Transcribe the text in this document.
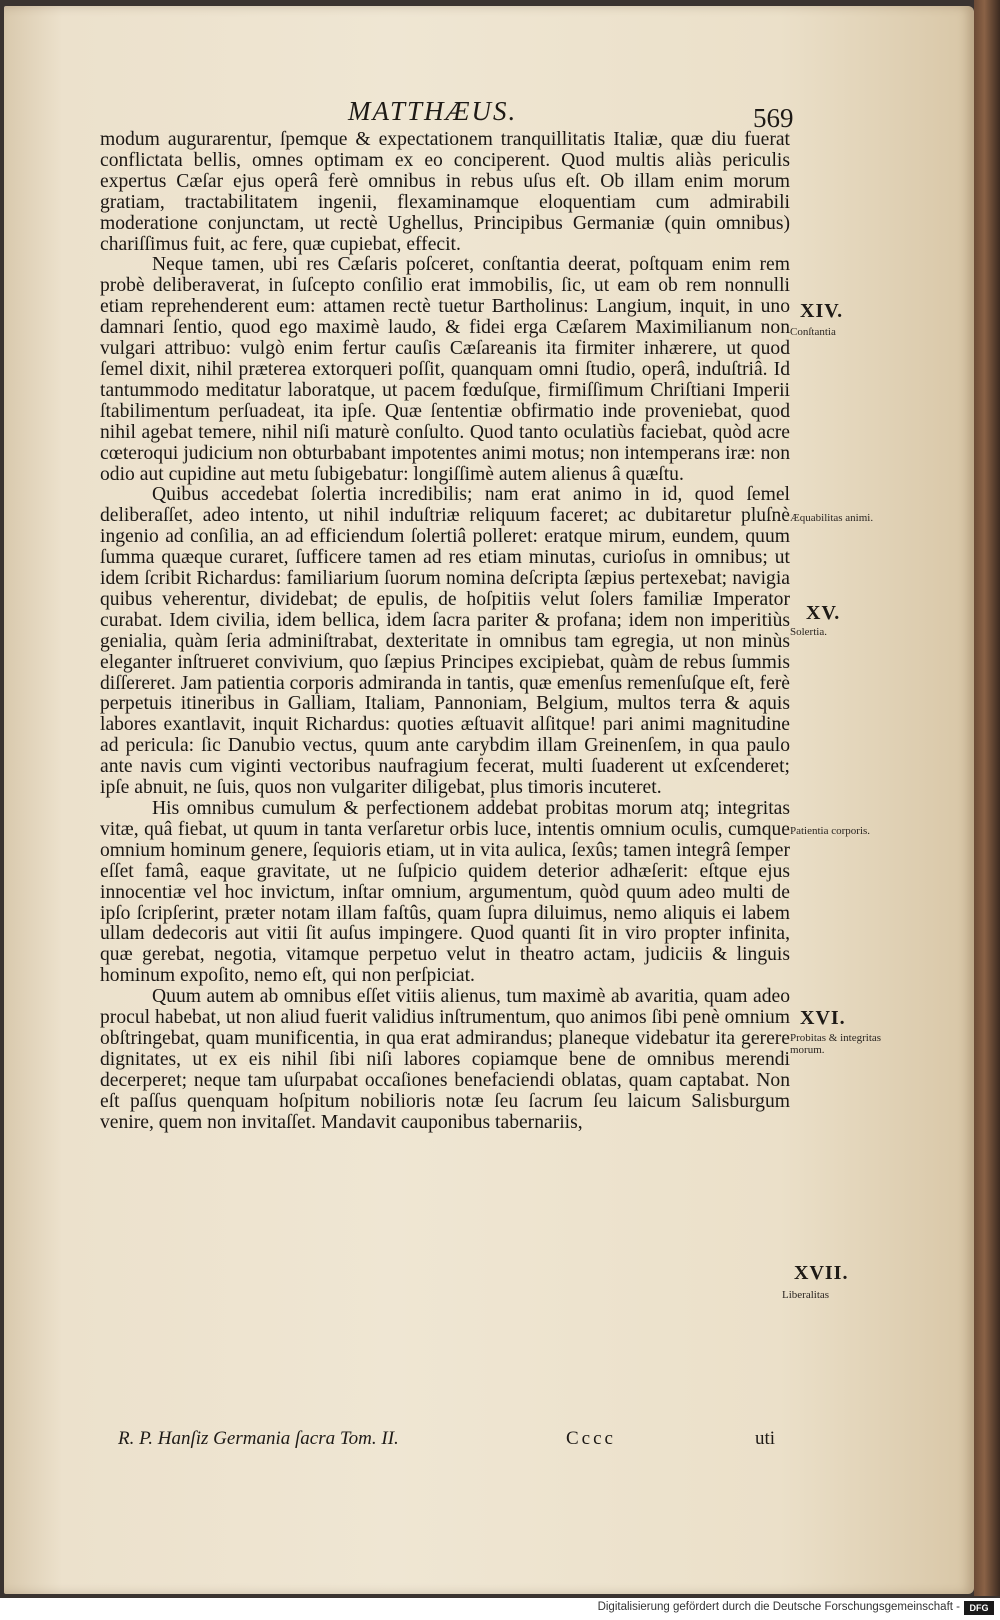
MATTHÆUS.	569

modum augurarentur, ſpemque & expectationem tranquillitatis Italiæ, quæ diu fuerat conflictata bellis, omnes optimam ex eo conciperent. Quod multis aliàs periculis expertus Cæſar ejus operâ ferè omnibus in rebus uſus eſt. Ob illam enim morum gratiam, tractabilitatem ingenii, flexaminamque eloquentiam cum admirabili moderatione conjunctam, ut rectè Ughellus, Principibus Germaniæ (quin omnibus) chariſſimus fuit, ac fere, quæ cupiebat, effecit.

Neque tamen, ubi res Cæſaris poſceret, conſtantia deerat, poſtquam enim rem probè deliberaverat, in ſuſcepto conſilio erat immobilis, ſic, ut eam ob rem nonnulli etiam reprehenderent eum: attamen rectè tuetur Bartholinus: Langium, inquit, in uno damnari ſentio, quod ego maximè laudo, & fidei erga Cæſarem Maximilianum non vulgari attribuo: vulgò enim fertur cauſis Cæſareanis ita firmiter inhærere, ut quod ſemel dixit, nihil præterea extorqueri poſſit, quanquam omni ſtudio, operâ, induſtriâ. Id tantummodo meditatur laboratque, ut pacem fœduſque, firmiſſimum Chriſtiani Imperii ſtabilimentum perſuadeat, ita ipſe. Quæ ſententiæ obfirmatio inde proveniebat, quod nihil agebat temere, nihil niſi maturè conſulto. Quod tanto oculatiùs faciebat, quòd acre cœteroqui judicium non obturbabant impotentes animi motus; non intemperans iræ: non odio aut cupidine aut metu ſubigebatur: longiſſimè autem alienus â quæſtu.

Quibus accedebat ſolertia incredibilis; nam erat animo in id, quod ſemel deliberaſſet, adeo intento, ut nihil induſtriæ reliquum faceret; ac dubitaretur pluſnè ingenio ad conſilia, an ad efficiendum ſolertiâ polleret: eratque mirum, eundem, quum ſumma quæque curaret, ſufficere tamen ad res etiam minutas, curioſus in omnibus; ut idem ſcribit Richardus: familiarium ſuorum nomina deſcripta ſæpius pertexebat; navigia quibus veherentur, dividebat; de epulis, de hoſpitiis velut ſolers familiæ Imperator curabat. Idem civilia, idem bellica, idem ſacra pariter & profana; idem non imperitiùs genialia, quàm ſeria adminiſtrabat, dexteritate in omnibus tam egregia, ut non minùs eleganter inſtrueret convivium, quo ſæpius Principes excipiebat, quàm de rebus ſummis diſſereret. Jam patientia corporis admiranda in tantis, quæ emenſus remenſuſque eſt, ferè perpetuis itineribus in Galliam, Italiam, Pannoniam, Belgium, multos terra & aquis labores exantlavit, inquit Richardus: quoties æſtuavit alſitque! pari animi magnitudine ad pericula: ſic Danubio vectus, quum ante carybdim illam Greinenſem, in qua paulo ante navis cum viginti vectoribus naufragium fecerat, multi ſuaderent ut exſcenderet; ipſe abnuit, ne ſuis, quos non vulgariter diligebat, plus timoris incuteret.

His omnibus cumulum & perfectionem addebat probitas morum atq; integritas vitæ, quâ fiebat, ut quum in tanta verſaretur orbis luce, intentis omnium oculis, cumque omnium hominum genere, ſequioris etiam, ut in vita aulica, ſexûs; tamen integrâ ſemper eſſet famâ, eaque gravitate, ut ne ſuſpicio quidem deterior adhæſerit: eſtque ejus innocentiæ vel hoc invictum, inſtar omnium, argumentum, quòd quum adeo multi de ipſo ſcripſerint, præter notam illam faſtûs, quam ſupra diluimus, nemo aliquis ei labem ullam dedecoris aut vitii ſit auſus impingere. Quod quanti ſit in viro propter infinita, quæ gerebat, negotia, vitamque perpetuo velut in theatro actam, judiciis & linguis hominum expoſito, nemo eſt, qui non perſpiciat.

Quum autem ab omnibus eſſet vitiis alienus, tum maximè ab avaritia, quam adeo procul habebat, ut non aliud fuerit validius inſtrumentum, quo animos ſibi penè omnium obſtringebat, quam munificentia, in qua erat admirandus; planeque videbatur ita gerere dignitates, ut ex eis nihil ſibi niſi labores copiamque bene de omnibus merendi decerperet; neque tam uſurpabat occaſiones benefaciendi oblatas, quam captabat. Non eſt paſſus quenquam hoſpitum nobilioris notæ ſeu ſacrum ſeu laicum Salisburgum venire, quem non invitaſſet. Mandavit cauponibus tabernariis,

XIV.
Conſtantia
Æquabilitas animi.
XV.
Solertia.
Patientia corporis.
XVI.
Probitas & integritas morum.
XVII.
Liberalitas
R. P. Hanſiz Germania ſacra Tom. II.	Cccc	uti
Digitalisierung gefördert durch die Deutsche Forschungsgemeinschaft -	DFG
